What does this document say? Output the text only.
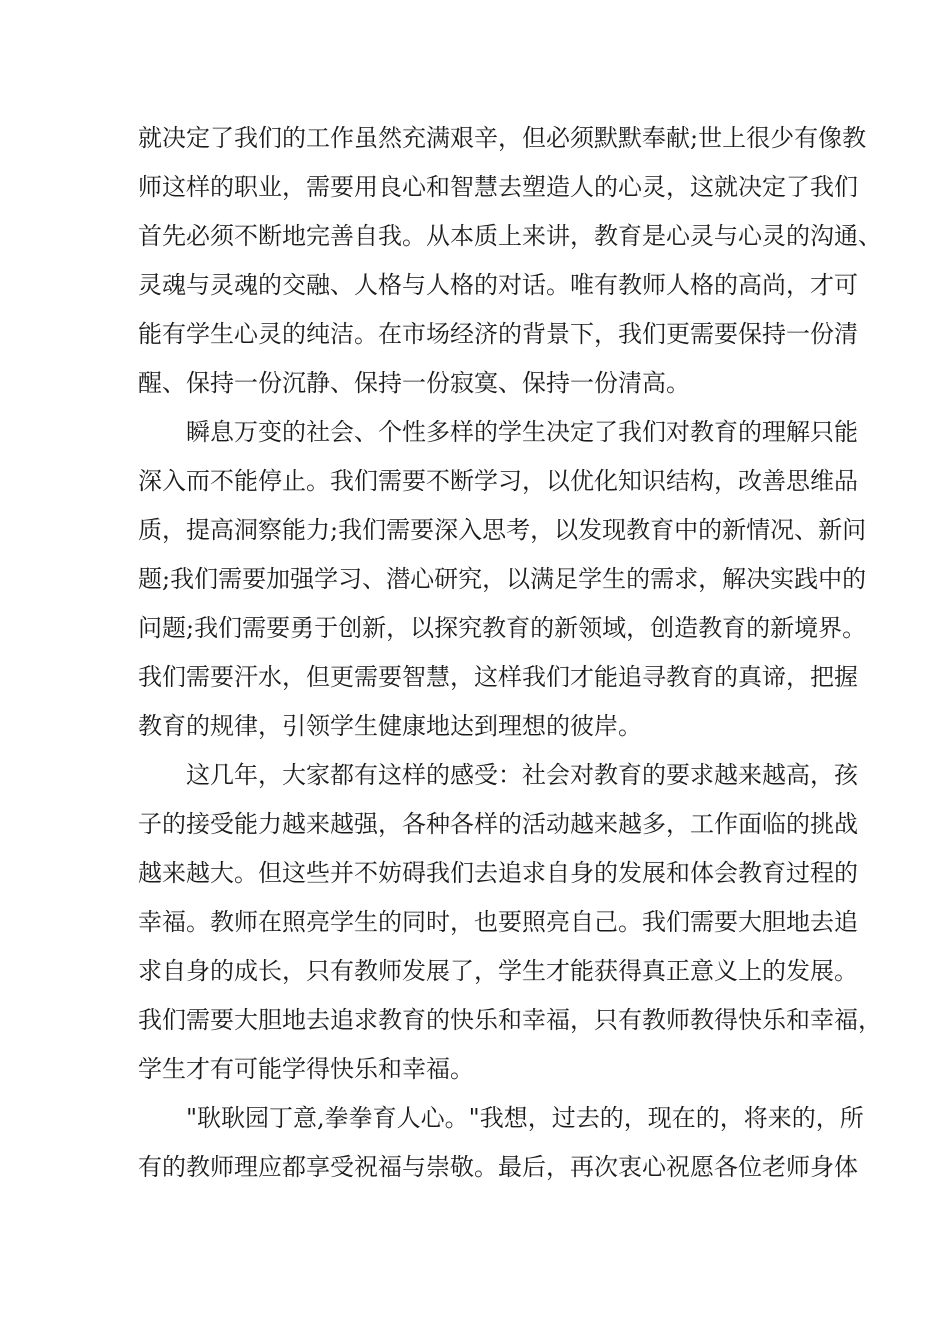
就决定了我们的工作虽然充满艰辛，但必须默默奉献;世上很少有像教
师这样的职业，需要用良心和智慧去塑造人的心灵，这就决定了我们
首先必须不断地完善自我。从本质上来讲，教育是心灵与心灵的沟通、
灵魂与灵魂的交融、人格与人格的对话。唯有教师人格的高尚，才可
能有学生心灵的纯洁。在市场经济的背景下，我们更需要保持一份清
醒、保持一份沉静、保持一份寂寞、保持一份清高。
瞬息万变的社会、个性多样的学生决定了我们对教育的理解只能
深入而不能停止。我们需要不断学习，以优化知识结构，改善思维品
质，提高洞察能力;我们需要深入思考，以发现教育中的新情况、新问
题;我们需要加强学习、潜心研究，以满足学生的需求，解决实践中的
问题;我们需要勇于创新，以探究教育的新领域，创造教育的新境界。
我们需要汗水，但更需要智慧，这样我们才能追寻教育的真谛，把握
教育的规律，引领学生健康地达到理想的彼岸。
这几年，大家都有这样的感受：社会对教育的要求越来越高，孩
子的接受能力越来越强，各种各样的活动越来越多，工作面临的挑战
越来越大。但这些并不妨碍我们去追求自身的发展和体会教育过程的
幸福。教师在照亮学生的同时，也要照亮自己。我们需要大胆地去追
求自身的成长，只有教师发展了，学生才能获得真正意义上的发展。
我们需要大胆地去追求教育的快乐和幸福，只有教师教得快乐和幸福，
学生才有可能学得快乐和幸福。
"耿耿园丁意,拳拳育人心。"我想，过去的，现在的，将来的，所
有的教师理应都享受祝福与崇敬。最后，再次衷心祝愿各位老师身体
